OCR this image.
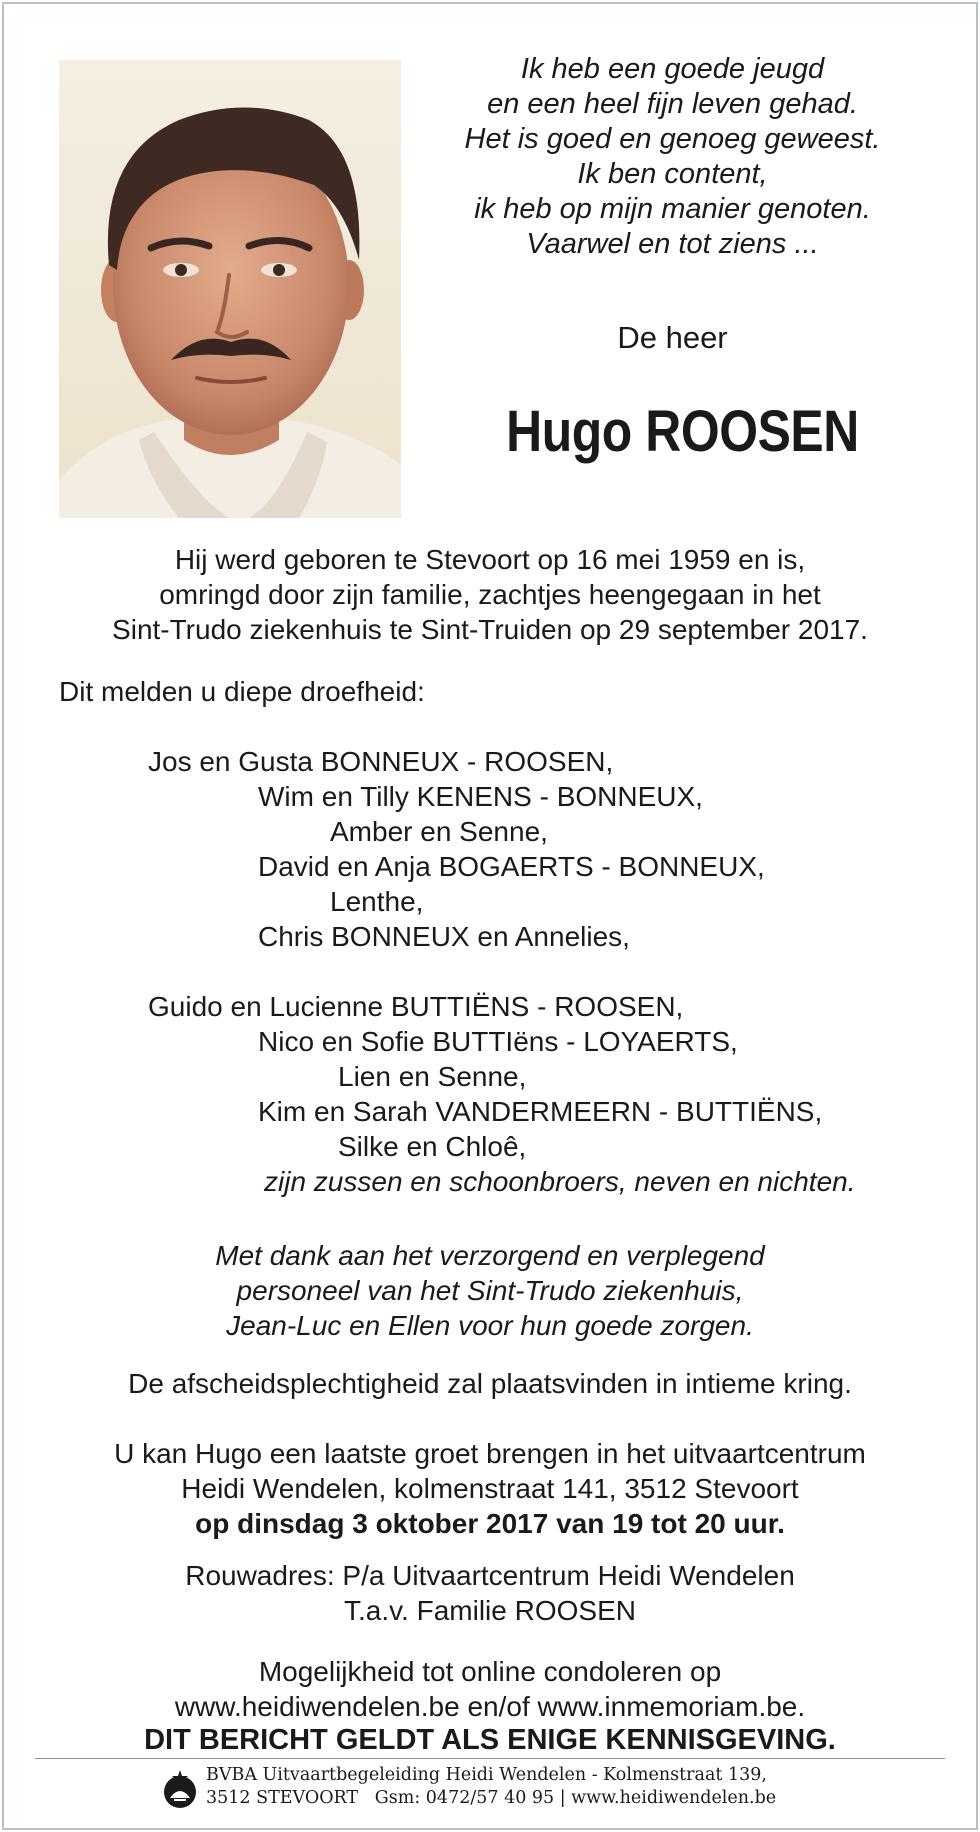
Ik heb een goede jeugd
en een heel fijn leven gehad.
Het is goed en genoeg geweest.
Ik ben content,
ik heb op mijn manier genoten.
Vaarwel en tot ziens ...
De heer
Hugo ROOSEN
Hij werd geboren te Stevoort op 16 mei 1959 en is,
omringd door zijn familie, zachtjes heengegaan in het
Sint-Trudo ziekenhuis te Sint-Truiden op 29 september 2017.
Dit melden u diepe droefheid:
Jos en Gusta BONNEUX - ROOSEN,
Wim en Tilly KENENS - BONNEUX,
Amber en Senne,
David en Anja BOGAERTS - BONNEUX,
Lenthe,
Chris BONNEUX en Annelies,
Guido en Lucienne BUTTIËNS - ROOSEN,
Nico en Sofie BUTTIëns - LOYAERTS,
Lien en Senne,
Kim en Sarah VANDERMEERN - BUTTIËNS,
Silke en Chloê,
zijn zussen en schoonbroers, neven en nichten.
Met dank aan het verzorgend en verplegend
personeel van het Sint-Trudo ziekenhuis,
Jean-Luc en Ellen voor hun goede zorgen.
De afscheidsplechtigheid zal plaatsvinden in intieme kring.
U kan Hugo een laatste groet brengen in het uitvaartcentrum
Heidi Wendelen, kolmenstraat 141, 3512 Stevoort
op dinsdag 3 oktober 2017 van 19 tot 20 uur.
Rouwadres: P/a Uitvaartcentrum Heidi Wendelen
T.a.v. Familie ROOSEN
Mogelijkheid tot online condoleren op
www.heidiwendelen.be en/of www.inmemoriam.be.
DIT BERICHT GELDT ALS ENIGE KENNISGEVING.
BVBA Uitvaartbegeleiding Heidi Wendelen - Kolmenstraat 139,
3512 STEVOORT   Gsm: 0472/57 40 95 | www.heidiwendelen.be
